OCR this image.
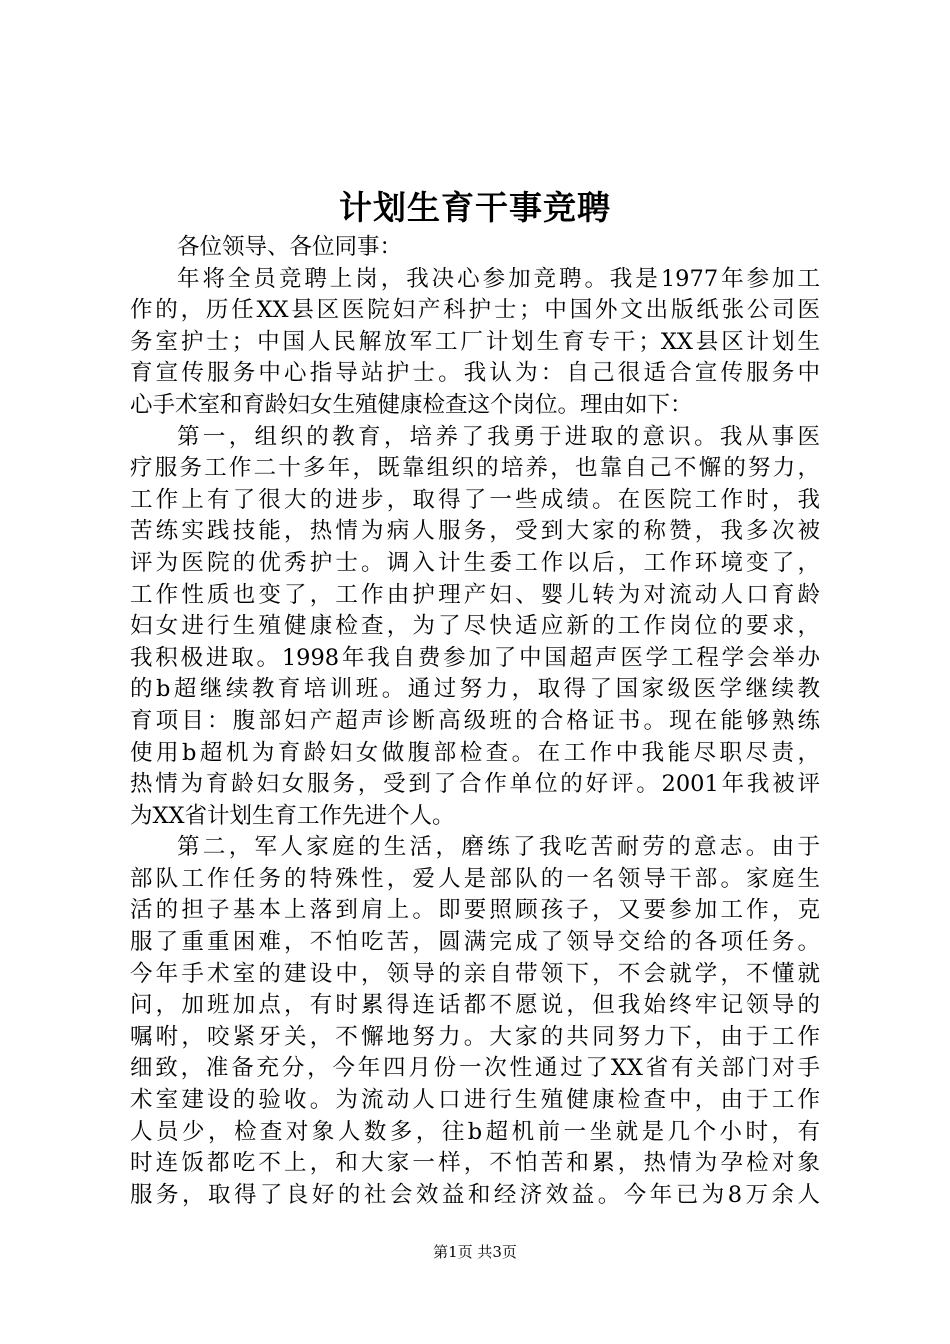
计划生育干事竞聘
各位领导、各位同事：
年将全员竞聘上岗，我决心参加竞聘。我是1977年参加工
作的，历任XX县区医院妇产科护士；中国外文出版纸张公司医
务室护士；中国人民解放军工厂计划生育专干；XX县区计划生
育宣传服务中心指导站护士。我认为：自己很适合宣传服务中
心手术室和育龄妇女生殖健康检查这个岗位。理由如下：
第一，组织的教育，培养了我勇于进取的意识。我从事医
疗服务工作二十多年，既靠组织的培养，也靠自己不懈的努力，
工作上有了很大的进步，取得了一些成绩。在医院工作时，我
苦练实践技能，热情为病人服务，受到大家的称赞，我多次被
评为医院的优秀护士。调入计生委工作以后，工作环境变了，
工作性质也变了，工作由护理产妇、婴儿转为对流动人口育龄
妇女进行生殖健康检查，为了尽快适应新的工作岗位的要求，
我积极进取。1998年我自费参加了中国超声医学工程学会举办
的b超继续教育培训班。通过努力，取得了国家级医学继续教
育项目：腹部妇产超声诊断高级班的合格证书。现在能够熟练
使用b超机为育龄妇女做腹部检查。在工作中我能尽职尽责，
热情为育龄妇女服务，受到了合作单位的好评。2001年我被评
为XX省计划生育工作先进个人。
第二，军人家庭的生活，磨练了我吃苦耐劳的意志。由于
部队工作任务的特殊性，爱人是部队的一名领导干部。家庭生
活的担子基本上落到肩上。即要照顾孩子，又要参加工作，克
服了重重困难，不怕吃苦，圆满完成了领导交给的各项任务。
今年手术室的建设中，领导的亲自带领下，不会就学，不懂就
问，加班加点，有时累得连话都不愿说，但我始终牢记领导的
嘱咐，咬紧牙关，不懈地努力。大家的共同努力下，由于工作
细致，准备充分，今年四月份一次性通过了XX省有关部门对手
术室建设的验收。为流动人口进行生殖健康检查中，由于工作
人员少，检查对象人数多，往b超机前一坐就是几个小时，有
时连饭都吃不上，和大家一样，不怕苦和累，热情为孕检对象
服务，取得了良好的社会效益和经济效益。今年已为8万余人
第1页 共3页
